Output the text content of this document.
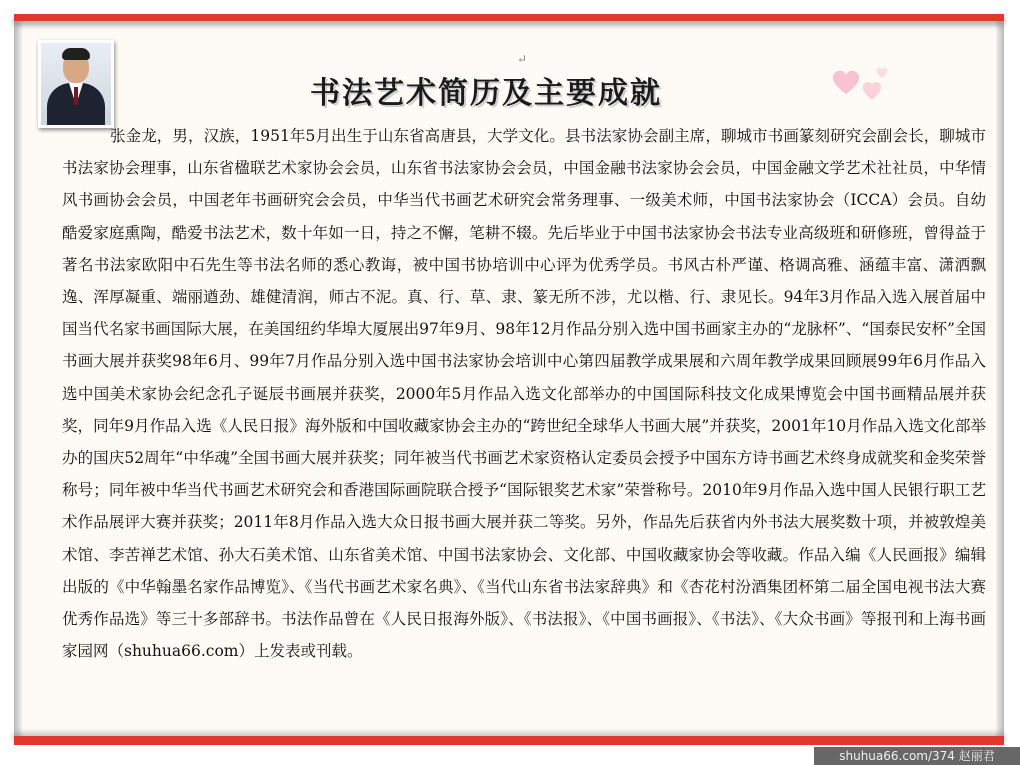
↵
书法艺术简历及主要成就

张金龙，男，汉族，1951年5月出生于山东省高唐县，大学文化。县书法家协会副主席，聊城市书画篆刻研究会副会长，聊城市书法家协会理事，山东省楹联艺术家协会会员，山东省书法家协会会员，中国金融书法家协会会员，中国金融文学艺术社社员，中华情风书画协会会员，中国老年书画研究会会员，中华当代书画艺术研究会常务理事、一级美术师，中国书法家协会（ICCA）会员。自幼酷爱家庭熏陶，酷爱书法艺术，数十年如一日，持之不懈，笔耕不辍。先后毕业于中国书法家协会书法专业高级班和研修班，曾得益于著名书法家欧阳中石先生等书法名师的悉心教诲，被中国书协培训中心评为优秀学员。书风古朴严谨、格调高雅、涵蕴丰富、潇洒飘逸、浑厚凝重、端丽遒劲、雄健清润，师古不泥。真、行、草、隶、篆无所不涉，尤以楷、行、隶见长。94年3月作品入选入展首届中国当代名家书画国际大展，在美国纽约华埠大厦展出97年9月、98年12月作品分别入选中国书画家主办的“龙脉杯”、“国泰民安杯”全国书画大展并获奖98年6月、99年7月作品分别入选中国书法家协会培训中心第四届教学成果展和六周年教学成果回顾展99年6月作品入选中国美术家协会纪念孔子诞辰书画展并获奖，2000年5月作品入选文化部举办的中国国际科技文化成果博览会中国书画精品展并获奖，同年9月作品入选《人民日报》海外版和中国收藏家协会主办的“跨世纪全球华人书画大展”并获奖，2001年10月作品入选文化部举办的国庆52周年“中华魂”全国书画大展并获奖；同年被当代书画艺术家资格认定委员会授予中国东方诗书画艺术终身成就奖和金奖荣誉称号；同年被中华当代书画艺术研究会和香港国际画院联合授予“国际银奖艺术家”荣誉称号。2010年9月作品入选中国人民银行职工艺术作品展评大赛并获奖；2011年8月作品入选大众日报书画大展并获二等奖。另外，作品先后获省内外书法大展奖数十项，并被敦煌美术馆、李苦禅艺术馆、孙大石美术馆、山东省美术馆、中国书法家协会、文化部、中国收藏家协会等收藏。作品入编《人民画报》编辑出版的《中华翰墨名家作品博览》、《当代书画艺术家名典》、《当代山东省书法家辞典》和《杏花村汾酒集团杯第二届全国电视书法大赛优秀作品选》等三十多部辞书。书法作品曾在《人民日报海外版》、《书法报》、《中国书画报》、《书法》、《大众书画》等报刊和上海书画家园网（shuhua66.com）上发表或刊载。

shuhua66.com/374 赵丽君
